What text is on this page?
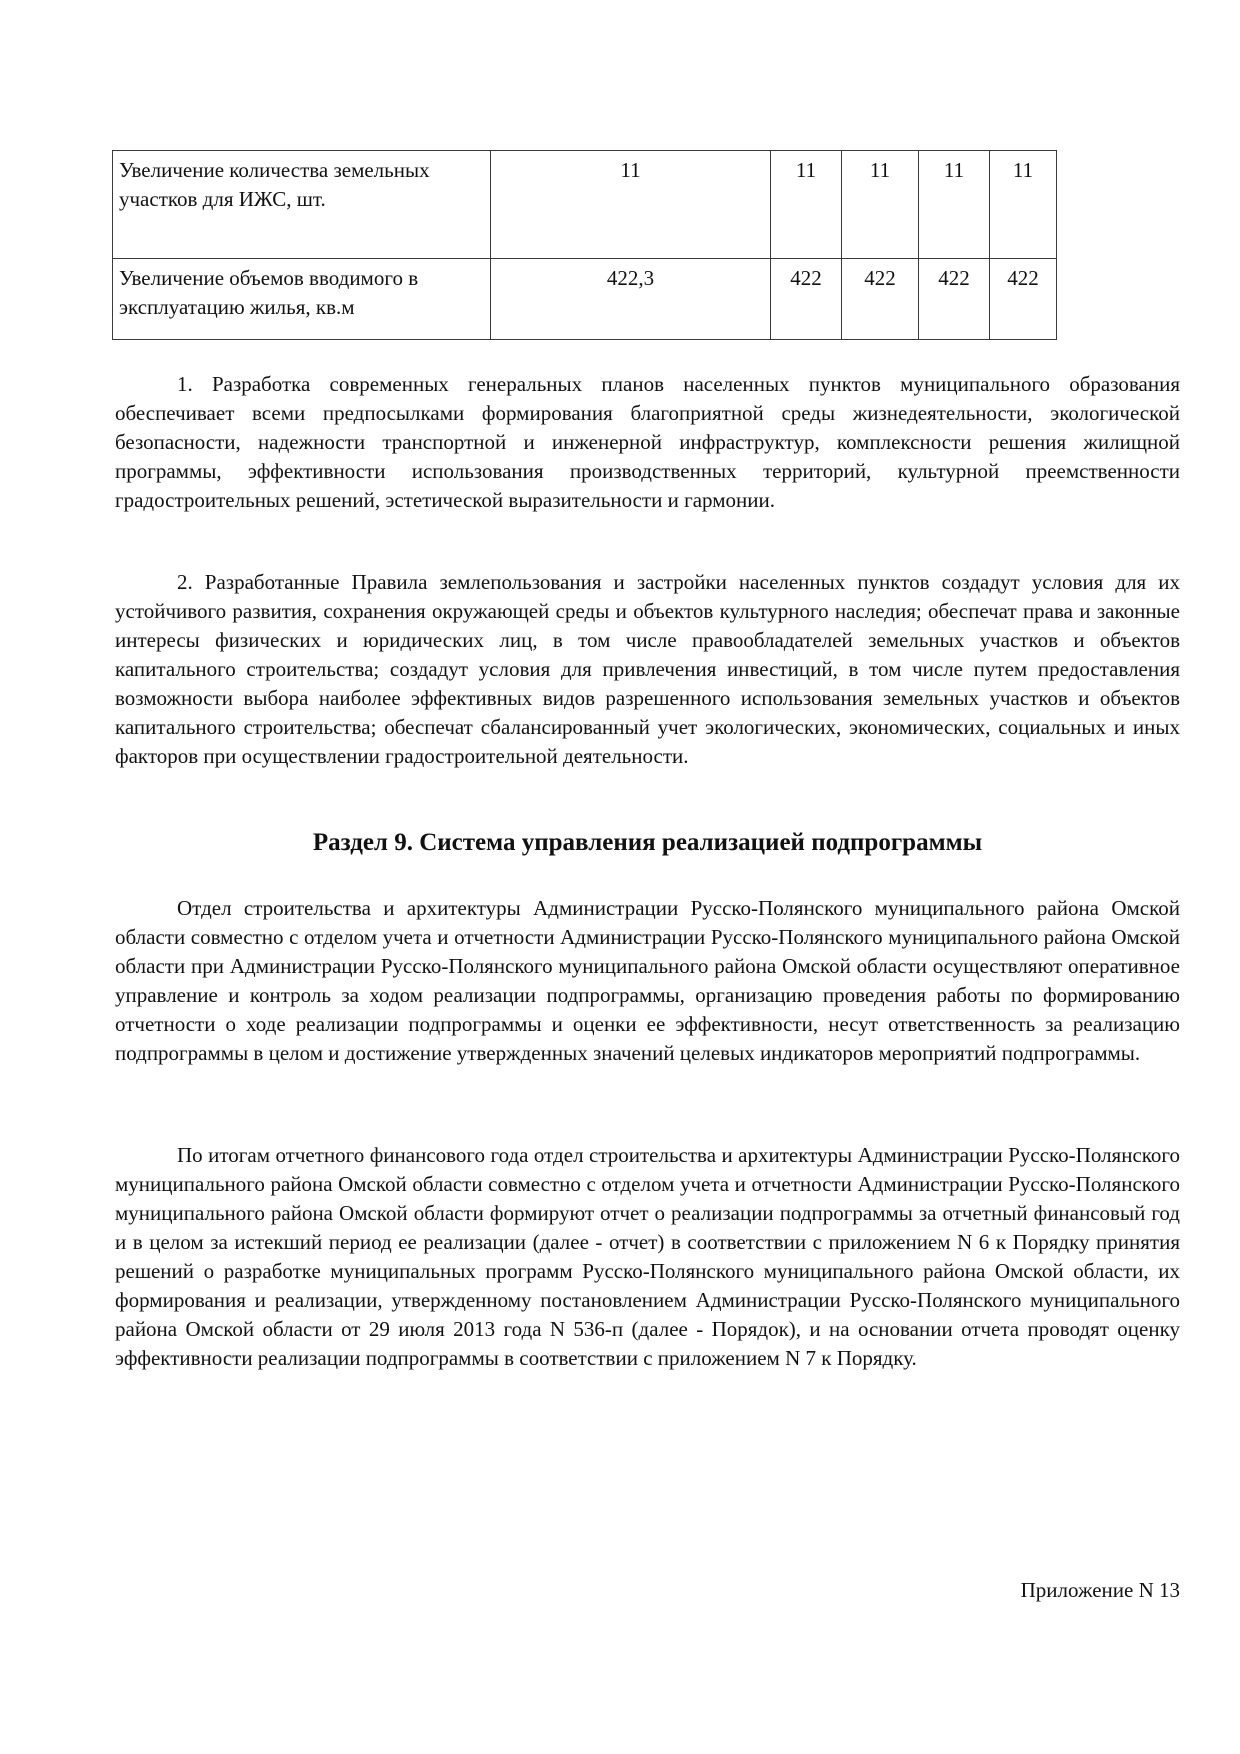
Увеличение количества земельных участков для ИЖС, шт.	11	11	11	11	11
Увеличение объемов вводимого в эксплуатацию жилья, кв.м	422,3	422	422	422	422

1. Разработка современных генеральных планов населенных пунктов муниципального образования обеспечивает всеми предпосылками формирования благоприятной среды жизнедеятельности, экологической безопасности, надежности транспортной и инженерной инфраструктур, комплексности решения жилищной программы, эффективности использования производственных территорий, культурной преемственности градостроительных решений, эстетической выразительности и гармонии.

2. Разработанные Правила землепользования и застройки населенных пунктов создадут условия для их устойчивого развития, сохранения окружающей среды и объектов культурного наследия; обеспечат права и законные интересы физических и юридических лиц, в том числе правообладателей земельных участков и объектов капитального строительства; создадут условия для привлечения инвестиций, в том числе путем предоставления возможности выбора наиболее эффективных видов разрешенного использования земельных участков и объектов капитального строительства; обеспечат сбалансированный учет экологических, экономических, социальных и иных факторов при осуществлении градостроительной деятельности.

Раздел 9. Система управления реализацией подпрограммы

Отдел строительства и архитектуры Администрации Русско-Полянского муниципального района Омской области совместно с отделом учета и отчетности Администрации Русско-Полянского муниципального района Омской области при Администрации Русско-Полянского муниципального района Омской области осуществляют оперативное управление и контроль за ходом реализации подпрограммы, организацию проведения работы по формированию отчетности о ходе реализации подпрограммы и оценки ее эффективности, несут ответственность за реализацию подпрограммы в целом и достижение утвержденных значений целевых индикаторов мероприятий подпрограммы.

По итогам отчетного финансового года отдел строительства и архитектуры Администрации Русско-Полянского муниципального района Омской области совместно с отделом учета и отчетности Администрации Русско-Полянского муниципального района Омской области формируют отчет о реализации подпрограммы за отчетный финансовый год и в целом за истекший период ее реализации (далее - отчет) в соответствии с приложением N 6 к Порядку принятия решений о разработке муниципальных программ Русско-Полянского муниципального района Омской области, их формирования и реализации, утвержденному постановлением Администрации Русско-Полянского муниципального района Омской области от 29 июля 2013 года N 536-п (далее - Порядок), и на основании отчета проводят оценку эффективности реализации подпрограммы в соответствии с приложением N 7 к Порядку.

Приложение N 13
